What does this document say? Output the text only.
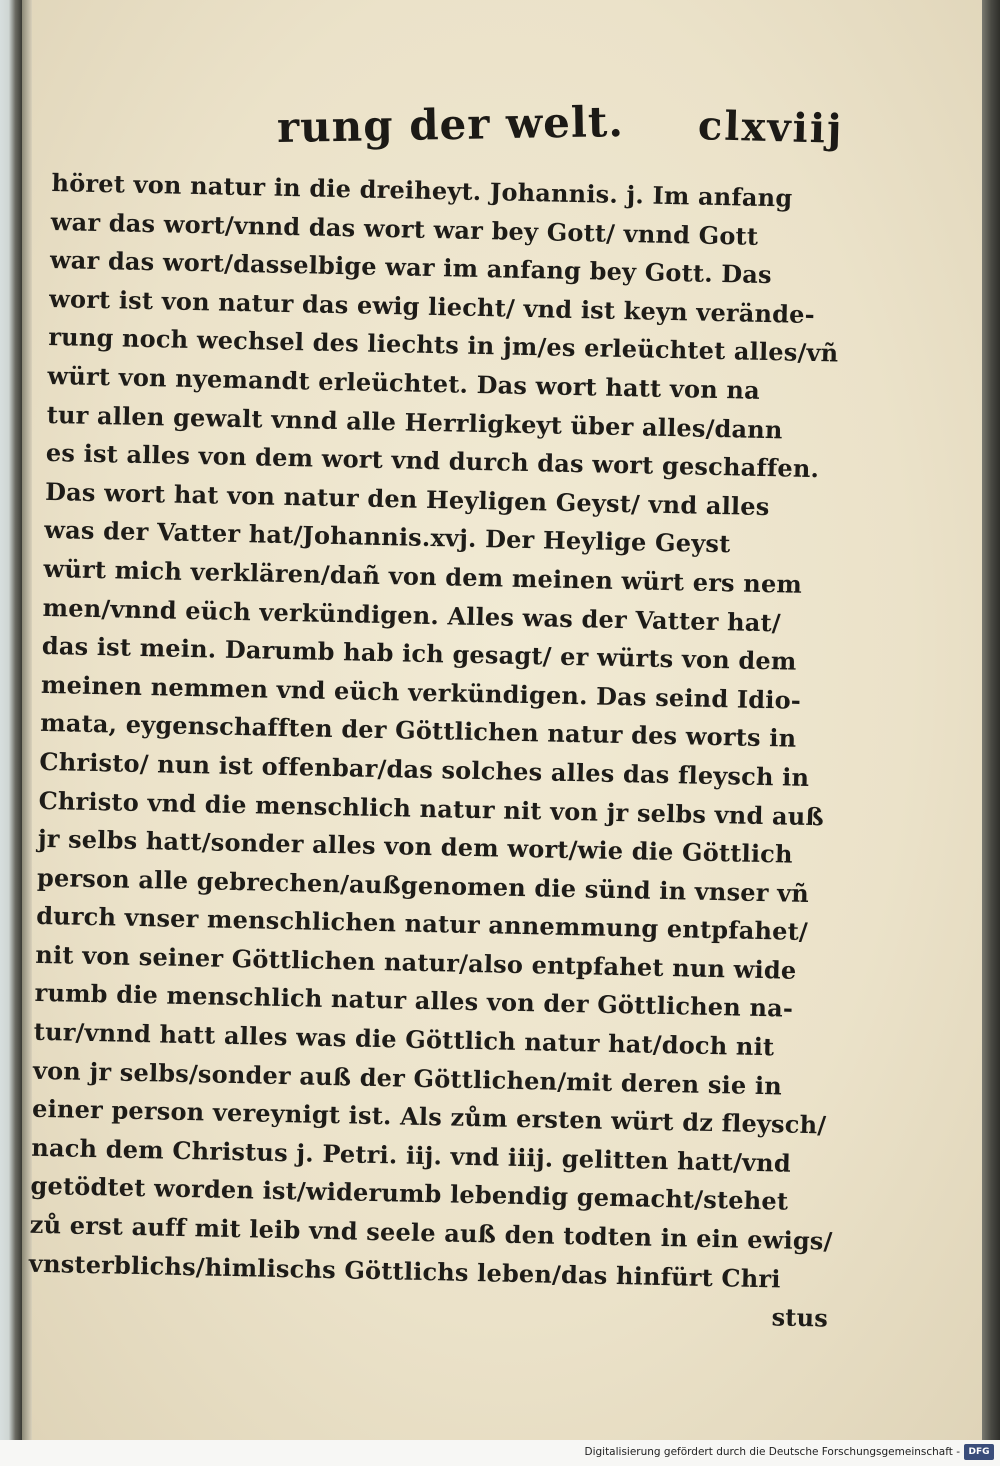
rung der welt. clxviij
höret von natur in die dreiheyt. Johannis. j. Im anfang
war das wort/vnnd das wort war bey Gott/ vnnd Gott
war das wort/dasselbige war im anfang bey Gott. Das
wort ist von natur das ewig liecht/ vnd ist keyn verände-
rung noch wechsel des liechts in jm/es erleüchtet alles/vñ
würt von nyemandt erleüchtet. Das wort hatt von na
tur allen gewalt vnnd alle Herrligkeyt über alles/dann
es ist alles von dem wort vnd durch das wort geschaffen.
Das wort hat von natur den Heyligen Geyst/ vnd alles
was der Vatter hat/Johannis.xvj. Der Heylige Geyst
würt mich verklären/dañ von dem meinen würt ers nem
men/vnnd eüch verkündigen. Alles was der Vatter hat/
das ist mein. Darumb hab ich gesagt/ er würts von dem
meinen nemmen vnd eüch verkündigen. Das seind Idio-
mata, eygenschafften der Göttlichen natur des worts in
Christo/ nun ist offenbar/das solches alles das fleysch in
Christo vnd die menschlich natur nit von jr selbs vnd auß
jr selbs hatt/sonder alles von dem wort/wie die Göttlich
person alle gebrechen/außgenomen die sünd in vnser vñ
durch vnser menschlichen natur annemmung entpfahet/
nit von seiner Göttlichen natur/also entpfahet nun wide
rumb die menschlich natur alles von der Göttlichen na-
tur/vnnd hatt alles was die Göttlich natur hat/doch nit
von jr selbs/sonder auß der Göttlichen/mit deren sie in
einer person vereynigt ist. Als zům ersten würt dz fleysch/
nach dem Christus j. Petri. iij. vnd iiij. gelitten hatt/vnd
getödtet worden ist/widerumb lebendig gemacht/stehet
zů erst auff mit leib vnd seele auß den todten in ein ewigs/
vnsterblichs/himlischs Göttlichs leben/das hinfürt Chri
stus
Digitalisierung gefördert durch die Deutsche Forschungsgemeinschaft - DFG
